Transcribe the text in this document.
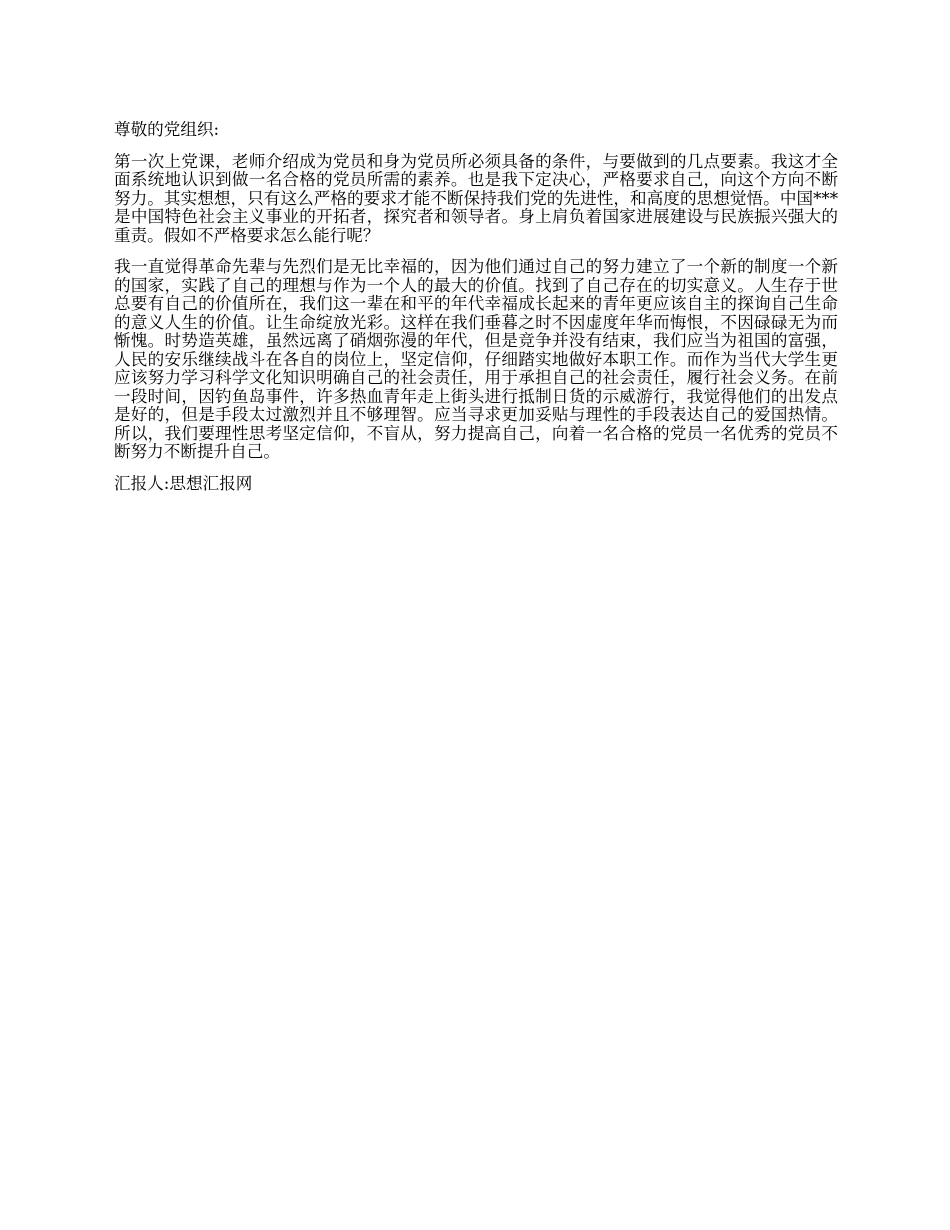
尊敬的党组织:

第一次上党课，老师介绍成为党员和身为党员所必须具备的条件，与要做到的几点要素。我这才全面系统地认识到做一名合格的党员所需的素养。也是我下定决心，严格要求自己，向这个方向不断努力。其实想想，只有这么严格的要求才能不断保持我们党的先进性，和高度的思想觉悟。中国***是中国特色社会主义事业的开拓者，探究者和领导者。身上肩负着国家进展建设与民族振兴强大的重责。假如不严格要求怎么能行呢？

我一直觉得革命先辈与先烈们是无比幸福的，因为他们通过自己的努力建立了一个新的制度一个新的国家，实践了自己的理想与作为一个人的最大的价值。找到了自己存在的切实意义。人生存于世总要有自己的价值所在，我们这一辈在和平的年代幸福成长起来的青年更应该自主的探询自己生命的意义人生的价值。让生命绽放光彩。这样在我们垂暮之时不因虚度年华而悔恨，不因碌碌无为而惭愧。时势造英雄，虽然远离了硝烟弥漫的年代，但是竞争并没有结束，我们应当为祖国的富强，人民的安乐继续战斗在各自的岗位上，坚定信仰，仔细踏实地做好本职工作。而作为当代大学生更应该努力学习科学文化知识明确自己的社会责任，用于承担自己的社会责任，履行社会义务。在前一段时间，因钓鱼岛事件，许多热血青年走上街头进行抵制日货的示威游行，我觉得他们的出发点是好的，但是手段太过激烈并且不够理智。应当寻求更加妥贴与理性的手段表达自己的爱国热情。所以，我们要理性思考坚定信仰，不盲从，努力提高自己，向着一名合格的党员一名优秀的党员不断努力不断提升自己。

汇报人:思想汇报网
